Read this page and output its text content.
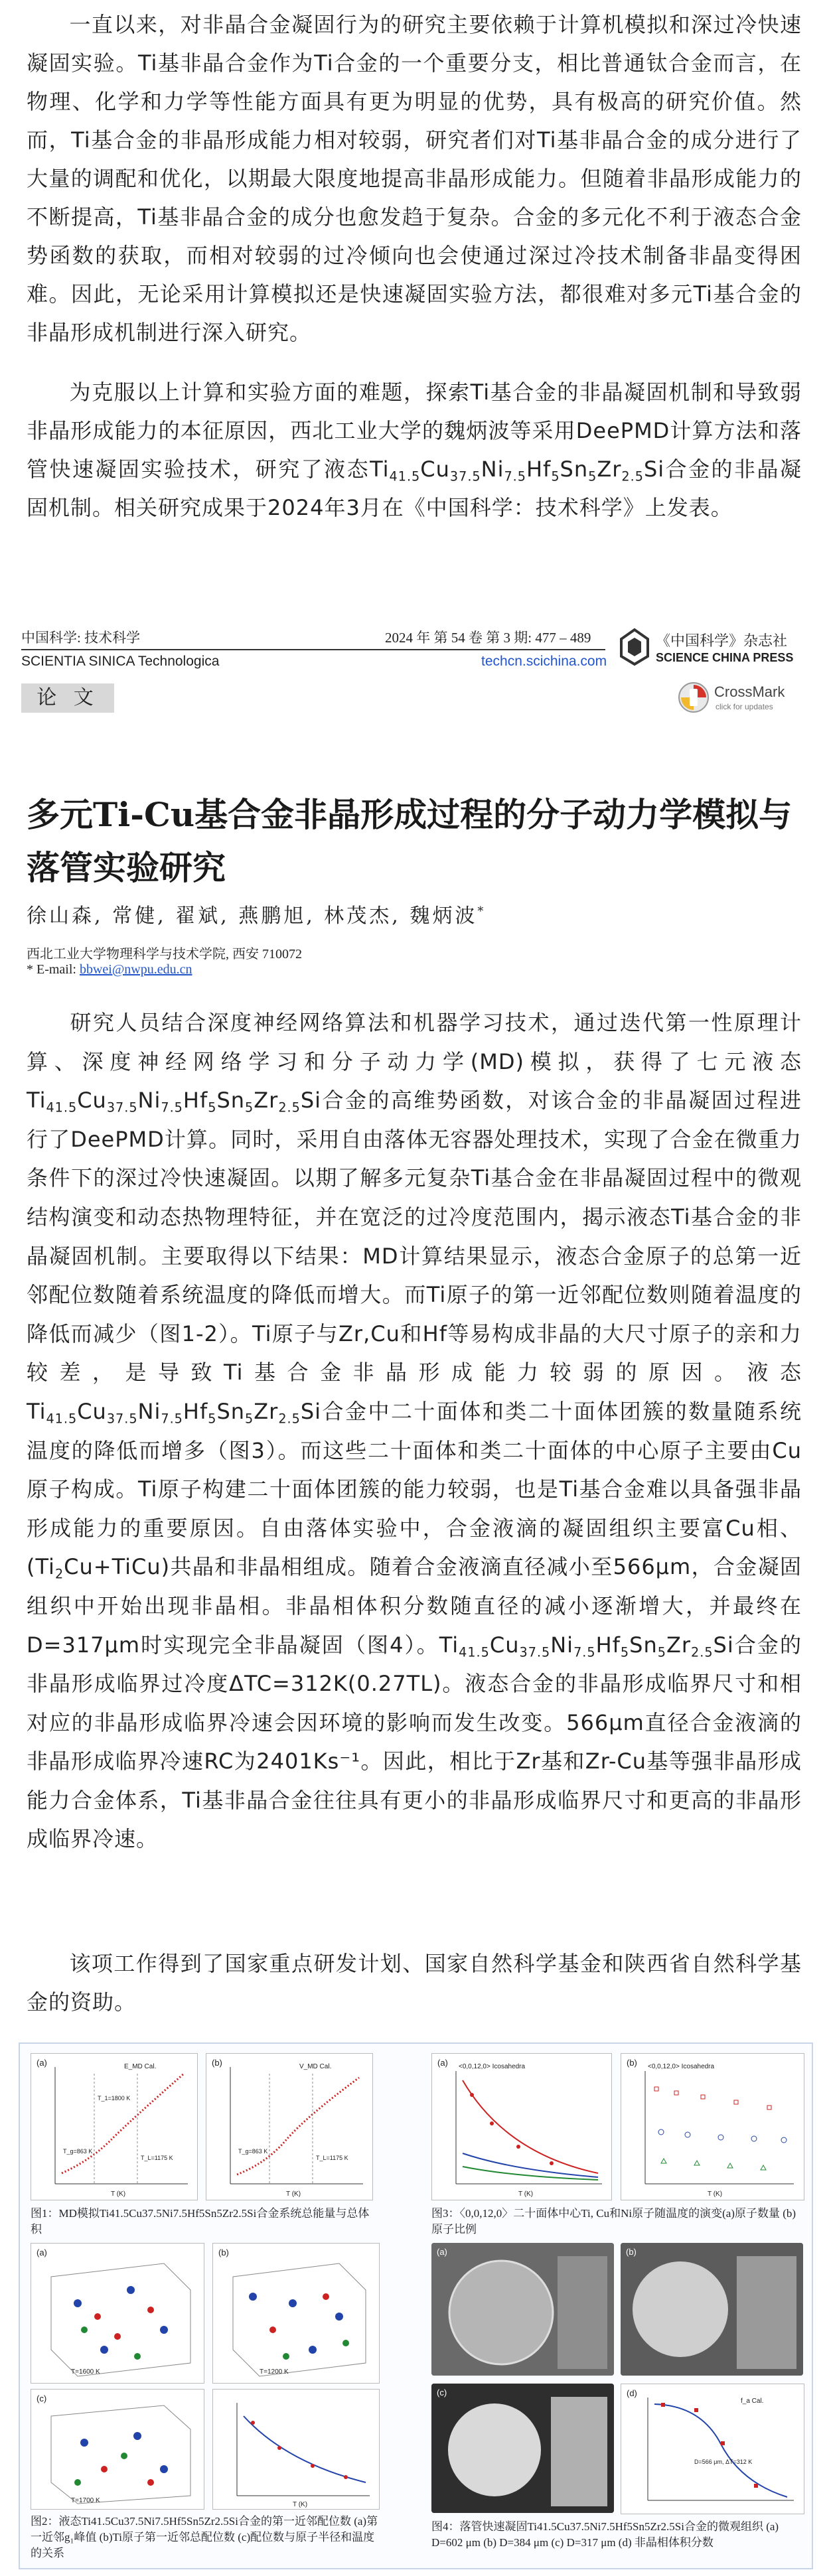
一直以来，对非晶合金凝固行为的研究主要依赖于计算机模拟和深过冷快速凝固实验。Ti基非晶合金作为Ti合金的一个重要分支，相比普通钛合金而言，在物理、化学和力学等性能方面具有更为明显的优势，具有极高的研究价值。然而，Ti基合金的非晶形成能力相对较弱，研究者们对Ti基非晶合金的成分进行了大量的调配和优化，以期最大限度地提高非晶形成能力。但随着非晶形成能力的不断提高，Ti基非晶合金的成分也愈发趋于复杂。合金的多元化不利于液态合金势函数的获取，而相对较弱的过冷倾向也会使通过深过冷技术制备非晶变得困难。因此，无论采用计算模拟还是快速凝固实验方法，都很难对多元Ti基合金的非晶形成机制进行深入研究。

为克服以上计算和实验方面的难题，探索Ti基合金的非晶凝固机制和导致弱非晶形成能力的本征原因，西北工业大学的魏炳波等采用DeePMD计算方法和落管快速凝固实验技术，研究了液态$Ti_{41.5}Cu_{37.5}Ni_{7.5}Hf_5Sn_5Zr_{2.5}Si$合金的非晶凝固机制。相关研究成果于2024年3月在《中国科学：技术科学》上发表。

中国科学: 技术科学	2024 年 第 54 卷 第 3 期: 477 – 489
SCIENTIA SINICA Technologica	techcn.scichina.com
《中国科学》杂志社
SCIENCE CHINA PRESS
论 文	CrossMark
click for updates
多元Ti-Cu基合金非晶形成过程的分子动力学模拟与落管实验研究
徐山森, 常健, 翟斌, 燕鹏旭, 林茂杰, 魏炳波*
西北工业大学物理科学与技术学院, 西安 710072
* E-mail: bbwei@nwpu.edu.cn

研究人员结合深度神经网络算法和机器学习技术，通过迭代第一性原理计算、深度神经网络学习和分子动力学(MD)模拟，获得了七元液态$Ti_{41.5}Cu_{37.5}Ni_{7.5}Hf_5Sn_5Zr_{2.5}Si$合金的高维势函数，对该合金的非晶凝固过程进行了DeePMD计算。同时，采用自由落体无容器处理技术，实现了合金在微重力条件下的深过冷快速凝固。以期了解多元复杂Ti基合金在非晶凝固过程中的微观结构演变和动态热物理特征，并在宽泛的过冷度范围内，揭示液态Ti基合金的非晶凝固机制。主要取得以下结果：MD计算结果显示，液态合金原子的总第一近邻配位数随着系统温度的降低而增大。而Ti原子的第一近邻配位数则随着温度的降低而减少（图1-2）。Ti原子与Zr,Cu和Hf等易构成非晶的大尺寸原子的亲和力较差，是导致Ti基合金非晶形成能力较弱的原因。液态$Ti_{41.5}Cu_{37.5}Ni_{7.5}Hf_5Sn_5Zr_{2.5}Si$合金中二十面体和类二十面体团簇的数量随系统温度的降低而增多（图3）。而这些二十面体和类二十面体的中心原子主要由Cu原子构成。Ti原子构建二十面体团簇的能力较弱，也是Ti基合金难以具备强非晶形成能力的重要原因。自由落体实验中，合金液滴的凝固组织主要富Cu相、$(Ti_2Cu+TiCu)$共晶和非晶相组成。随着合金液滴直径减小至566μm，合金凝固组织中开始出现非晶相。非晶相体积分数随直径的减小逐渐增大，并最终在D=317μm时实现完全非晶凝固（图4）。$Ti_{41.5}Cu_{37.5}Ni_{7.5}Hf_5Sn_5Zr_{2.5}Si$合金的非晶形成临界过冷度ΔTC=312K(0.27TL)。液态合金的非晶形成临界尺寸和相对应的非晶形成临界冷速会因环境的影响而发生改变。566μm直径合金液滴的非晶形成临界冷速RC为2401Ks⁻¹。因此，相比于Zr基和Zr-Cu基等强非晶形成能力合金体系，Ti基非晶合金往往具有更小的非晶形成临界尺寸和更高的非晶形成临界冷速。

该项工作得到了国家重点研发计划、国家自然科学基金和陕西省自然科学基金的资助。

(a)	E_MD Cal.
T_1=1800 K
T_g=863 K
T_L=1175 K
T (K)
(b)	V_MD Cal.
T_g=863 K
T_L=1175 K
T (K)
图1：MD模拟Ti41.5Cu37.5Ni7.5Hf5Sn5Zr2.5Si合金系统总能量与总体积
(a) <0,0,12,0> Icosahedra
T (K)
(b) <0,0,12,0> Icosahedra
T (K)
图3：〈0,0,12,0〉二十面体中心Ti, Cu和Ni原子随温度的演变(a)原子数量 (b) 原子比例
(a)
T=1600 K
(b)
T=1200 K
(c)
T=1700 K
T (K)
图2：液态Ti41.5Cu37.5Ni7.5Hf5Sn5Zr2.5Si合金的第一近邻配位数 (a)第一近邻g₁峰值 (b)Ti原子第一近邻总配位数 (c)配位数与原子半径和温度的关系
(a)	(b)
(c)	(d)
f_a Cal.
D=566 μm, ΔT=312 K
图4：落管快速凝固Ti41.5Cu37.5Ni7.5Hf5Sn5Zr2.5Si合金的微观组织 (a) D=602 μm (b) D=384 μm (c) D=317 μm (d) 非晶相体积分数
